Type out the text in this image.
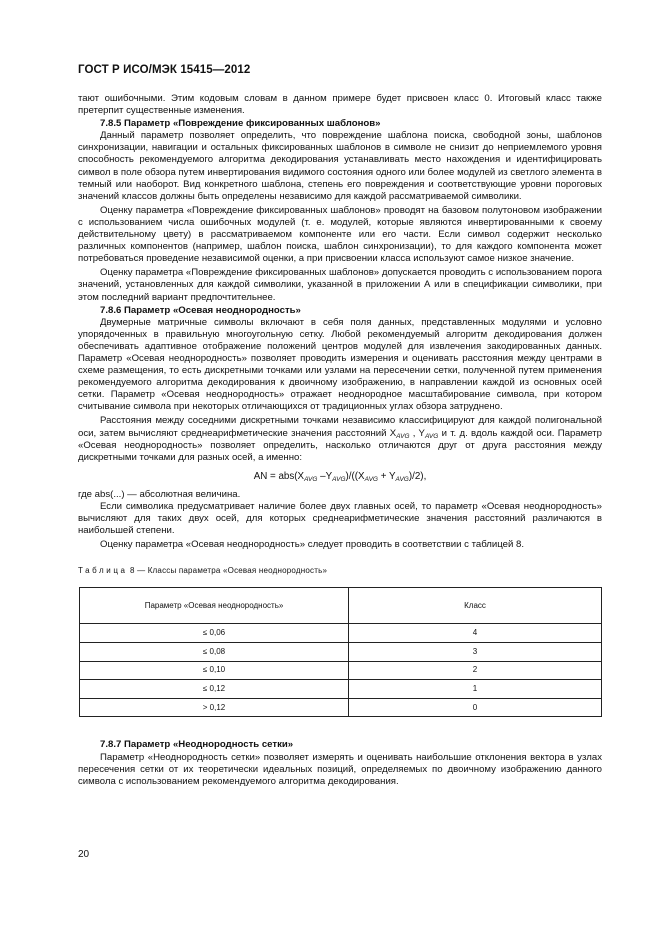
ГОСТ Р ИСО/МЭК 15415—2012

тают ошибочными. Этим кодовым словам в данном примере будет присвоен класс 0. Итоговый класс также претерпит существенные изменения.

7.8.5 Параметр «Повреждение фиксированных шаблонов»

Данный параметр позволяет определить, что повреждение шаблона поиска, свободной зоны, шаблонов синхронизации, навигации и остальных фиксированных шаблонов в символе не снизит до неприемлемого уровня способность рекомендуемого алгоритма декодирования устанавливать место нахождения и идентифицировать символ в поле обзора путем инвертирования видимого состояния одного или более модулей из светлого элемента в темный или наоборот. Вид конкретного шаблона, степень его повреждения и соответствующие уровни пороговых значений классов должны быть определены независимо для каждой рассматриваемой символики.

Оценку параметра «Повреждение фиксированных шаблонов» проводят на базовом полутоновом изображении с использованием числа ошибочных модулей (т. е. модулей, которые являются инвертированными к своему действительному цвету) в рассматриваемом компоненте или его части. Если символ содержит несколько различных компонентов (например, шаблон поиска, шаблон синхронизации), то для каждого компонента может потребоваться проведение независимой оценки, а при присвоении класса используют самое низкое значение.

Оценку параметра «Повреждение фиксированных шаблонов» допускается проводить с использованием порога значений, установленных для каждой символики, указанной в приложении А или в спецификации символики, при этом последний вариант предпочтительнее.

7.8.6 Параметр «Осевая неоднородность»

Двумерные матричные символы включают в себя поля данных, представленных модулями и условно упорядоченных в правильную многоугольную сетку. Любой рекомендуемый алгоритм декодирования должен обеспечивать адаптивное отображение положений центров модулей для извлечения закодированных данных. Параметр «Осевая неоднородность» позволяет проводить измерения и оценивать расстояния между центрами в схеме размещения, то есть дискретными точками или узлами на пересечении сетки, полученной путем применения рекомендуемого алгоритма декодирования к двоичному изображению, в направлении каждой из основных осей сетки. Параметр «Осевая неоднородность» отражает неоднородное масштабирование символа, при котором считывание символа при некоторых отличающихся от традиционных углах обзора затруднено.

Расстояния между соседними дискретными точками независимо классифицируют для каждой полигональной оси, затем вычисляют среднеарифметические значения расстояний $X_{AVG}$ , $Y_{AVG}$ и т. д. вдоль каждой оси. Параметр «Осевая неоднородность» позволяет определить, насколько отличаются друг от друга расстояния между дискретными точками для разных осей, а именно:

AN = $abs(X_{AVG}$ $-Y_{AVG})/((X_{AVG} + Y_{AVG})/2)$,

где abs(...) — абсолютная величина.

Если символика предусматривает наличие более двух главных осей, то параметр «Осевая неоднородность» вычисляют для таких двух осей, для которых среднеарифметические значения расстояний различаются в наибольшей степени.

Оценку параметра «Осевая неоднородность» следует проводить в соответствии с таблицей 8.

Таблица 8 — Классы параметра «Осевая неоднородность»

Параметр «Осевая неоднородность»	Класс
≤ 0,06	4
≤ 0,08	3
≤ 0,10	2
≤ 0,12	1
> 0,12	0

7.8.7 Параметр «Неоднородность сетки»

Параметр «Неоднородность сетки» позволяет измерять и оценивать наибольшие отклонения вектора в узлах пересечения сетки от их теоретически идеальных позиций, определяемых по двоичному изображению данного символа с использованием рекомендуемого алгоритма декодирования.

20
